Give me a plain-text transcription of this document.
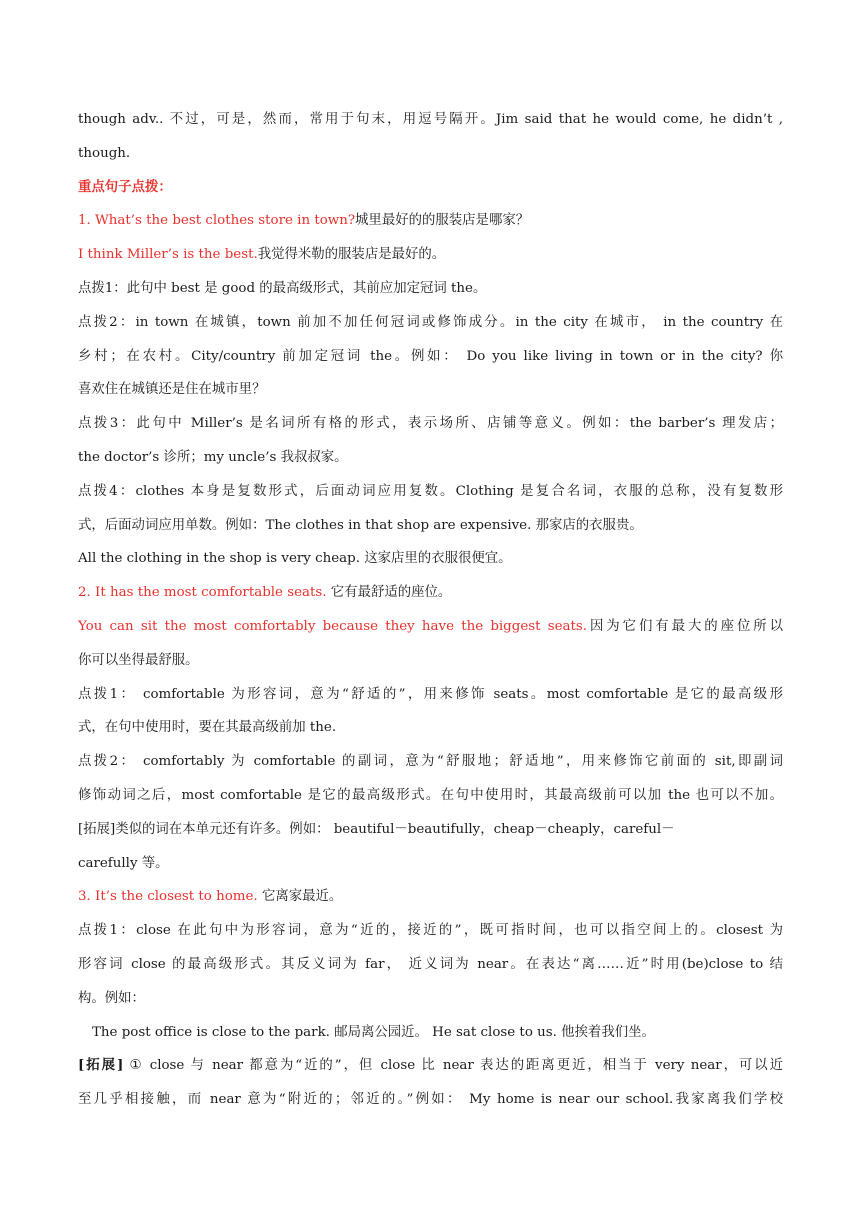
though adv.. 不过，可是，然而，常用于句末，用逗号隔开。Jim said that he would come, he didn’t ,
though.
重点句子点拨：
1. What’s the best clothes store in town?城里最好的的服装店是哪家？
I think Miller’s is the best.我觉得米勒的服装店是最好的。
点拨1：此句中 best 是 good 的最高级形式，其前应加定冠词 the。
点拨2：in town 在城镇，town 前加不加任何冠词或修饰成分。in the city 在城市， in the country 在
乡村；在农村。City/country 前加定冠词 the。例如： Do you like living in town or in the city? 你
喜欢住在城镇还是住在城市里？
点拨3：此句中 Miller’s 是名词所有格的形式，表示场所、店铺等意义。例如：the barber’s 理发店；
the doctor’s 诊所；my uncle’s 我叔叔家。
点拨4：clothes 本身是复数形式，后面动词应用复数。Clothing 是复合名词，衣服的总称，没有复数形
式，后面动词应用单数。例如：The clothes in that shop are expensive. 那家店的衣服贵。
All the clothing in the shop is very cheap. 这家店里的衣服很便宜。
2. It has the most comfortable seats. 它有最舒适的座位。
You can sit the most comfortably because they have the biggest seats.因为它们有最大的座位所以
你可以坐得最舒服。
点拨1： comfortable 为形容词，意为“舒适的”，用来修饰 seats。most comfortable 是它的最高级形
式，在句中使用时，要在其最高级前加 the.
点拨2： comfortably 为 comfortable 的副词，意为“舒服地；舒适地”，用来修饰它前面的 sit,即副词
修饰动词之后，most comfortable 是它的最高级形式。在句中使用时，其最高级前可以加 the 也可以不加。
[拓展]类似的词在本单元还有许多。例如： beautiful－beautifully，cheap－cheaply，careful－
carefully 等。
3. It’s the closest to home. 它离家最近。
点拨1：close 在此句中为形容词，意为“近的，接近的”，既可指时间，也可以指空间上的。closest 为
形容词 close 的最高级形式。其反义词为 far， 近义词为 near。在表达“离……近”时用(be)close to 结
构。例如：
The post office is close to the park. 邮局离公园近。 He sat close to us. 他挨着我们坐。
[拓展] ① close 与 near 都意为“近的”，但 close 比 near 表达的距离更近，相当于 very near，可以近
至几乎相接触，而 near 意为“附近的；邻近的。”例如： My home is near our school.我家离我们学校
